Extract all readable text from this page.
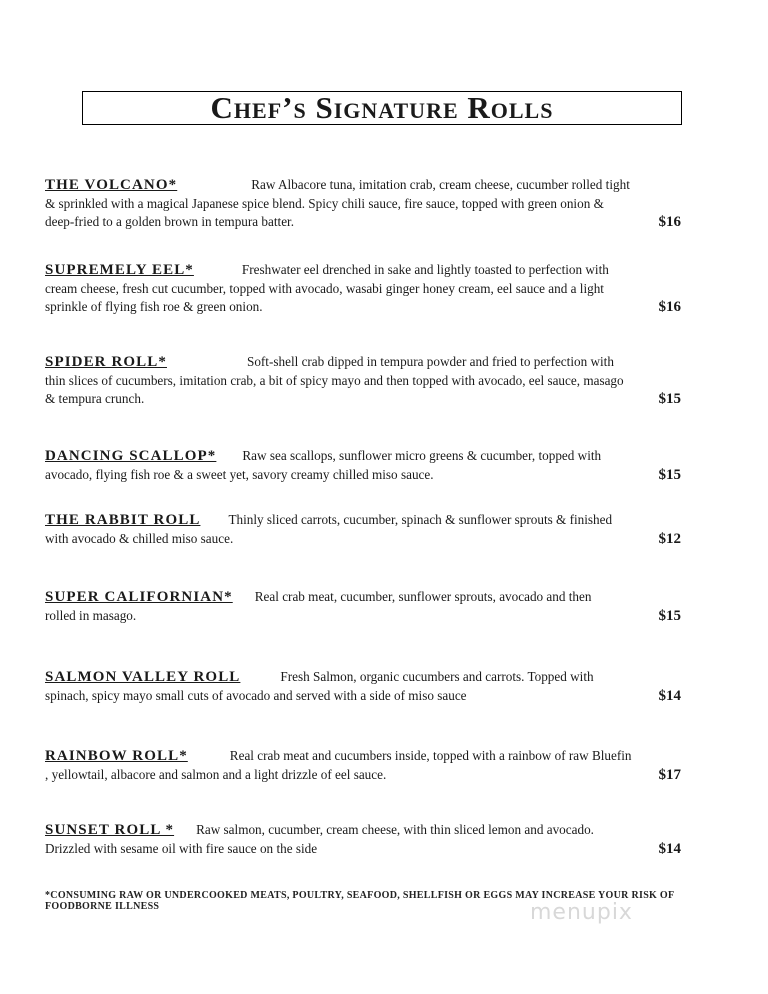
Chef’s Signature Rolls
THE VOLCANO*	Raw Albacore tuna, imitation crab, cream cheese, cucumber rolled tight
& sprinkled with a magical Japanese spice blend. Spicy chili sauce, fire sauce, topped with green onion &
deep-fried to a golden brown in tempura batter.	$16
SUPREMELY EEL*	Freshwater eel drenched in sake and lightly toasted to perfection with
cream cheese, fresh cut cucumber, topped with avocado, wasabi ginger honey cream, eel sauce and a light
sprinkle of flying fish roe & green onion.	$16
SPIDER ROLL*	Soft-shell crab dipped in tempura powder and fried to perfection with
thin slices of cucumbers, imitation crab, a bit of spicy mayo and then topped with avocado, eel sauce, masago
& tempura crunch.	$15
DANCING SCALLOP* Raw sea scallops, sunflower micro greens & cucumber, topped with
avocado, flying fish roe & a sweet yet, savory creamy chilled miso sauce.	$15
THE RABBIT ROLL Thinly sliced carrots, cucumber, spinach & sunflower sprouts & finished
with avocado & chilled miso sauce.	$12
SUPER CALIFORNIAN* Real crab meat, cucumber, sunflower sprouts, avocado and then
rolled in masago.	$15
SALMON VALLEY ROLL	Fresh Salmon, organic cucumbers and carrots. Topped with
spinach, spicy mayo small cuts of avocado and served with a side of miso sauce	$14
RAINBOW ROLL*	Real crab meat and cucumbers inside, topped with a rainbow of raw Bluefin
, yellowtail, albacore and salmon and a light drizzle of eel sauce.	$17
SUNSET ROLL * Raw salmon, cucumber, cream cheese, with thin sliced lemon and avocado.
Drizzled with sesame oil with fire sauce on the side	$14
*CONSUMING RAW OR UNDERCOOKED MEATS, POULTRY, SEAFOOD, SHELLFISH OR EGGS MAY INCREASE YOUR RISK OF FOODBORNE ILLNESS	menupix
